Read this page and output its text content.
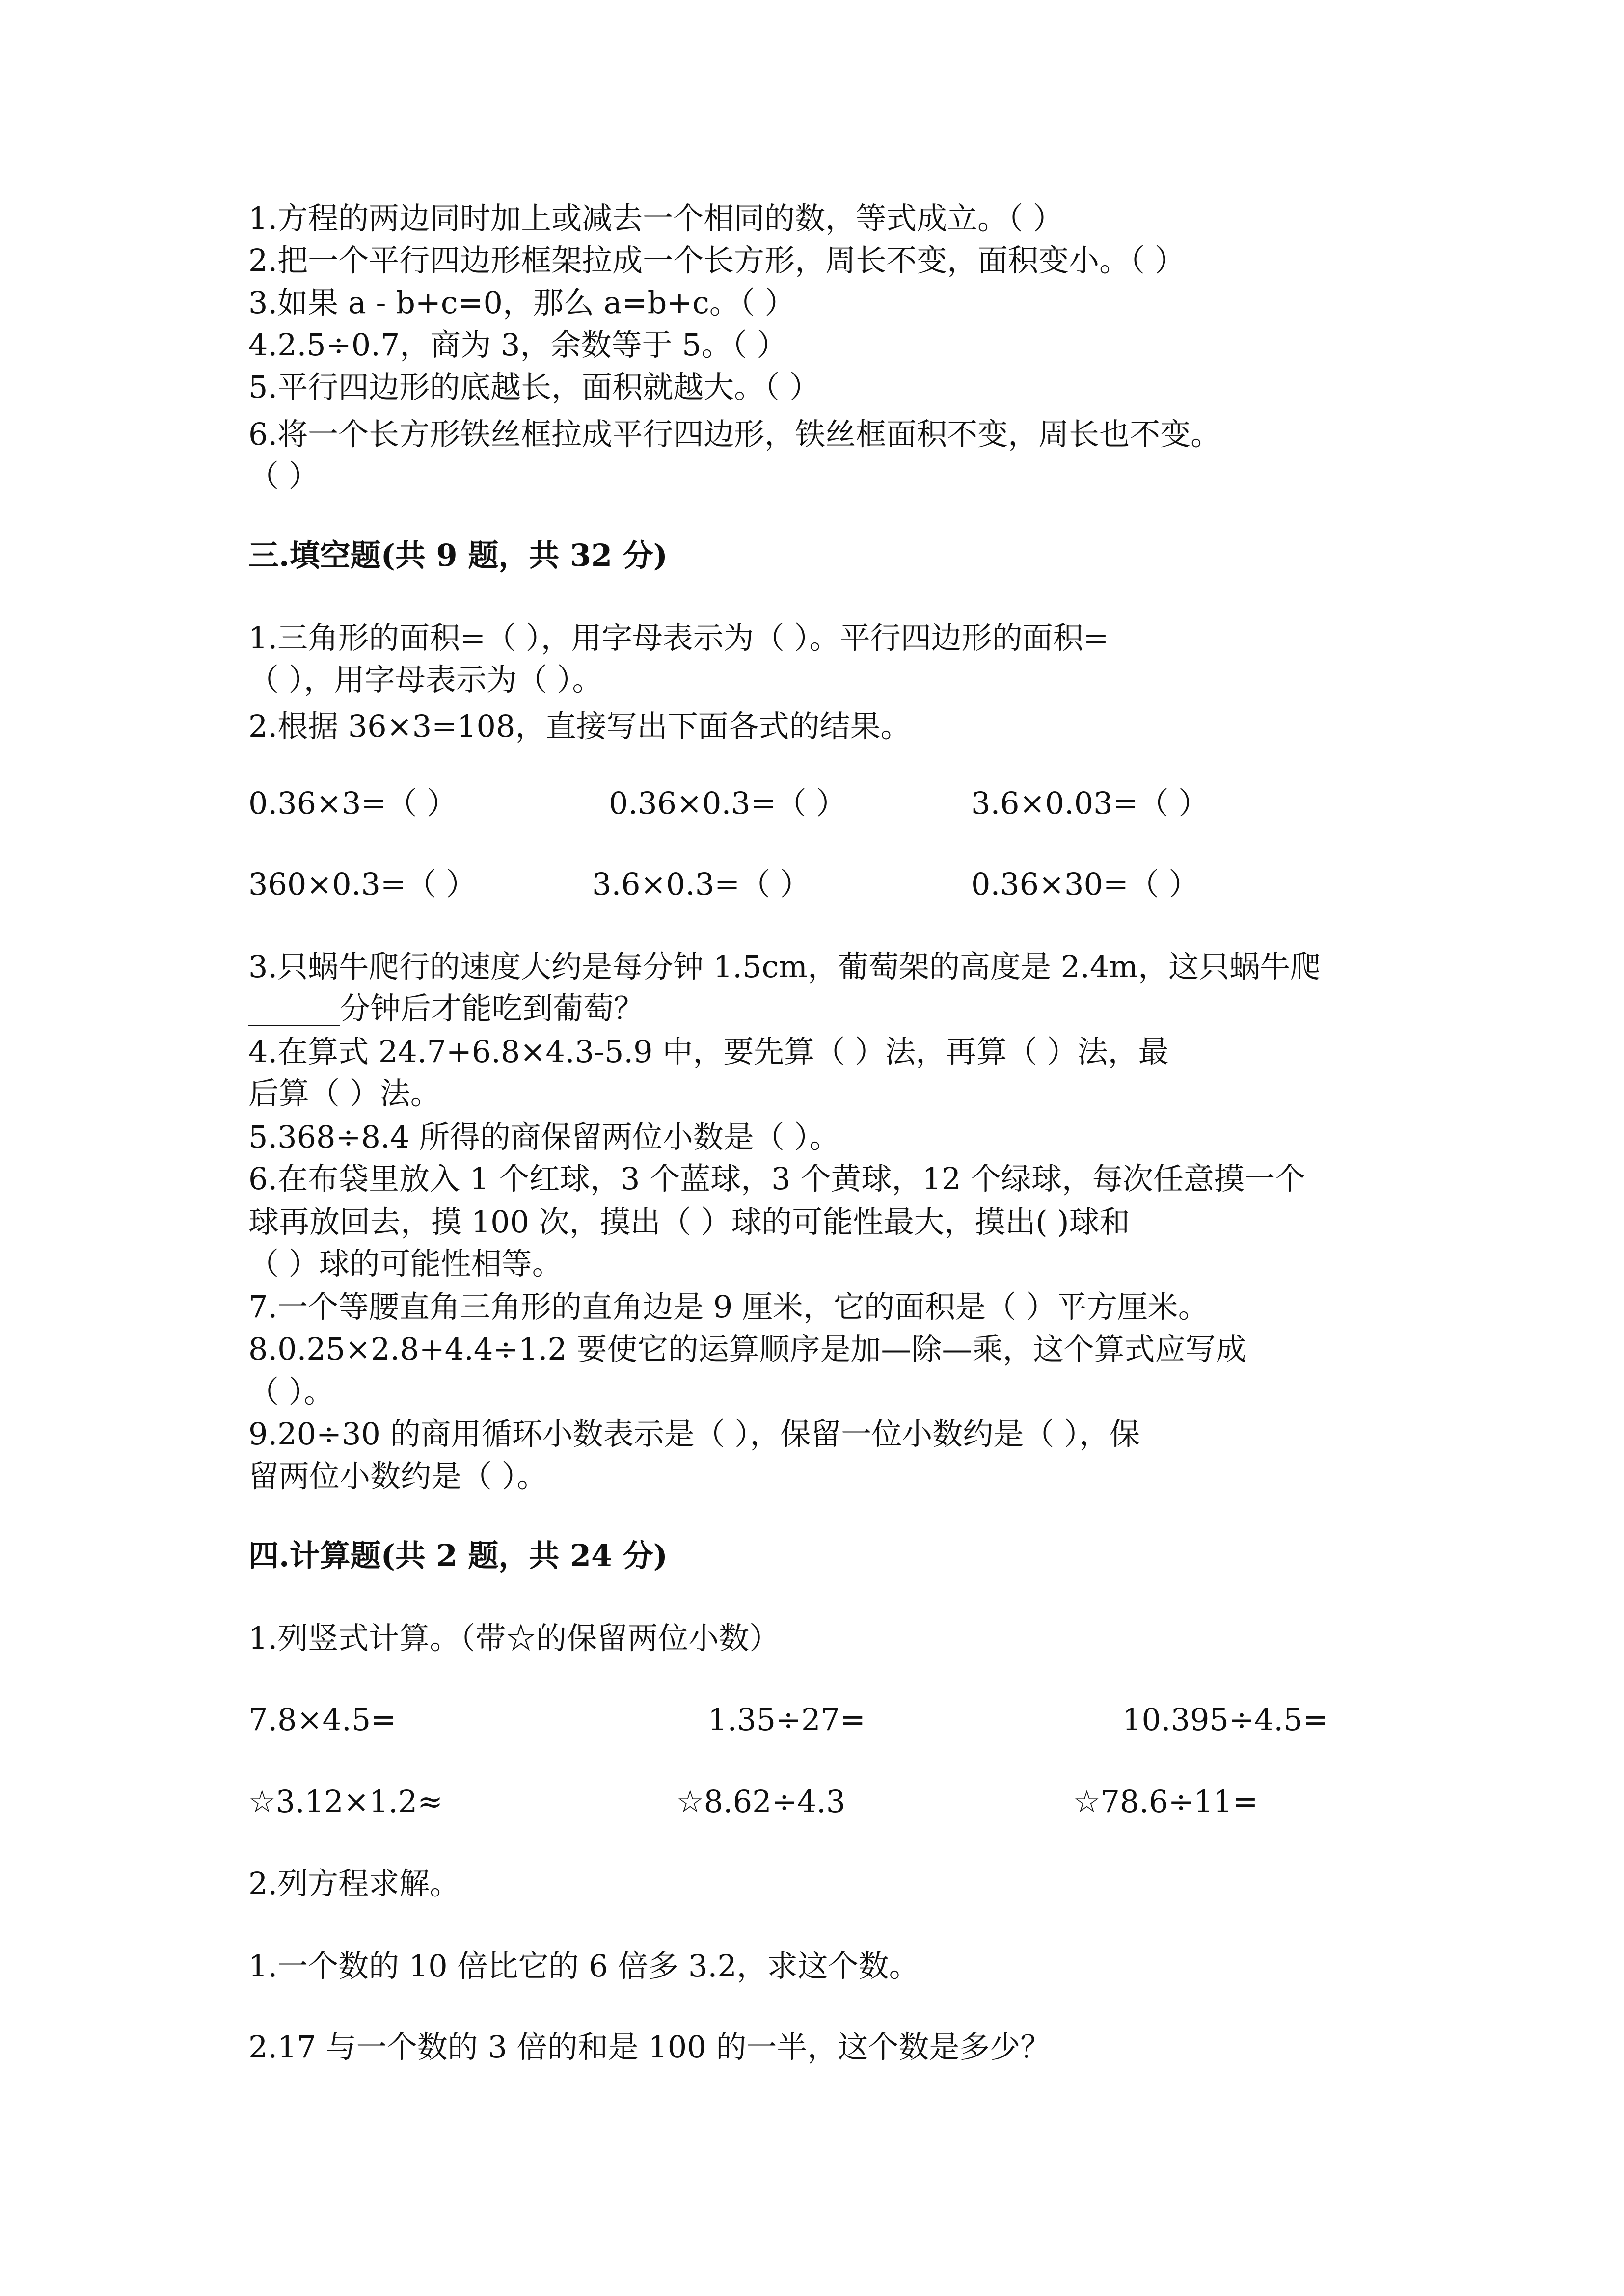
1.方程的两边同时加上或减去一个相同的数，等式成立。（ ）

2.把一个平行四边形框架拉成一个长方形，周长不变，面积变小。（ ）

3.如果 a - b+c=0，那么 a=b+c。（ ）

4.2.5÷0.7，商为 3，余数等于 5。（ ）

5.平行四边形的底越长，面积就越大。（ ）

6.将一个长方形铁丝框拉成平行四边形，铁丝框面积不变，周长也不变。

（ ）

三.填空题(共 9 题，共 32 分)

1.三角形的面积=（ ），用字母表示为（ ）。平行四边形的面积=

（ ），用字母表示为（ ）。

2.根据 36×3=108，直接写出下面各式的结果。

0.36×3=（ ）	0.36×0.3=（ ）	3.6×0.03=（ ）

360×0.3=（ ）	3.6×0.3=（ ）	0.36×30=（ ）

3.只蜗牛爬行的速度大约是每分钟 1.5cm，葡萄架的高度是 2.4m，这只蜗牛爬

______分钟后才能吃到葡萄？

4.在算式 24.7+6.8×4.3-5.9 中，要先算（ ）法，再算（ ）法，最

后算（ ）法。

5.368÷8.4 所得的商保留两位小数是（ ）。

6.在布袋里放入 1 个红球，3 个蓝球，3 个黄球，12 个绿球，每次任意摸一个

球再放回去，摸 100 次，摸出（ ）球的可能性最大，摸出( )球和

（ ）球的可能性相等。

7.一个等腰直角三角形的直角边是 9 厘米，它的面积是（ ）平方厘米。

8.0.25×2.8+4.4÷1.2 要使它的运算顺序是加—除—乘，这个算式应写成

（ ）。

9.20÷30 的商用循环小数表示是（ ），保留一位小数约是（ ），保

留两位小数约是（ ）。

四.计算题(共 2 题，共 24 分)

1.列竖式计算。（带☆的保留两位小数）

7.8×4.5=	1.35÷27=	10.395÷4.5=

☆3.12×1.2≈	☆8.62÷4.3	☆78.6÷11=

2.列方程求解。

1.一个数的 10 倍比它的 6 倍多 3.2，求这个数。

2.17 与一个数的 3 倍的和是 100 的一半，这个数是多少？
